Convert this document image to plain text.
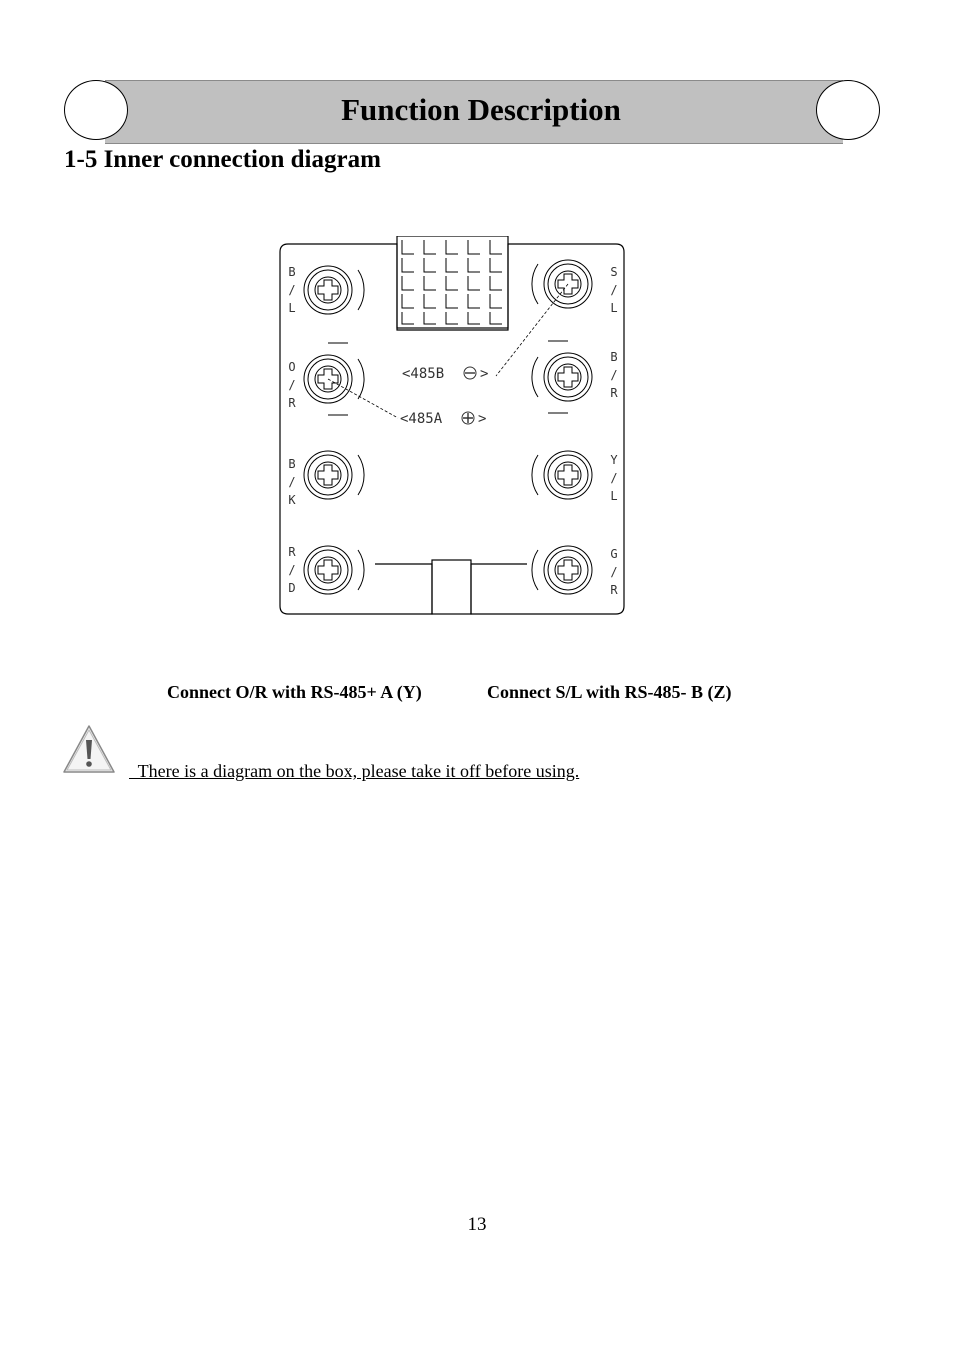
Function Description
1-5 Inner connection diagram
<485B	>
<485A	>
B / L
O / R
B / K
R / D
S / L
B / R
Y / L
G / R
Connect O/R with RS-485+ A (Y)	Connect S/L with RS-485- B (Z)
There is a diagram on the box, please take it off before using.
13
